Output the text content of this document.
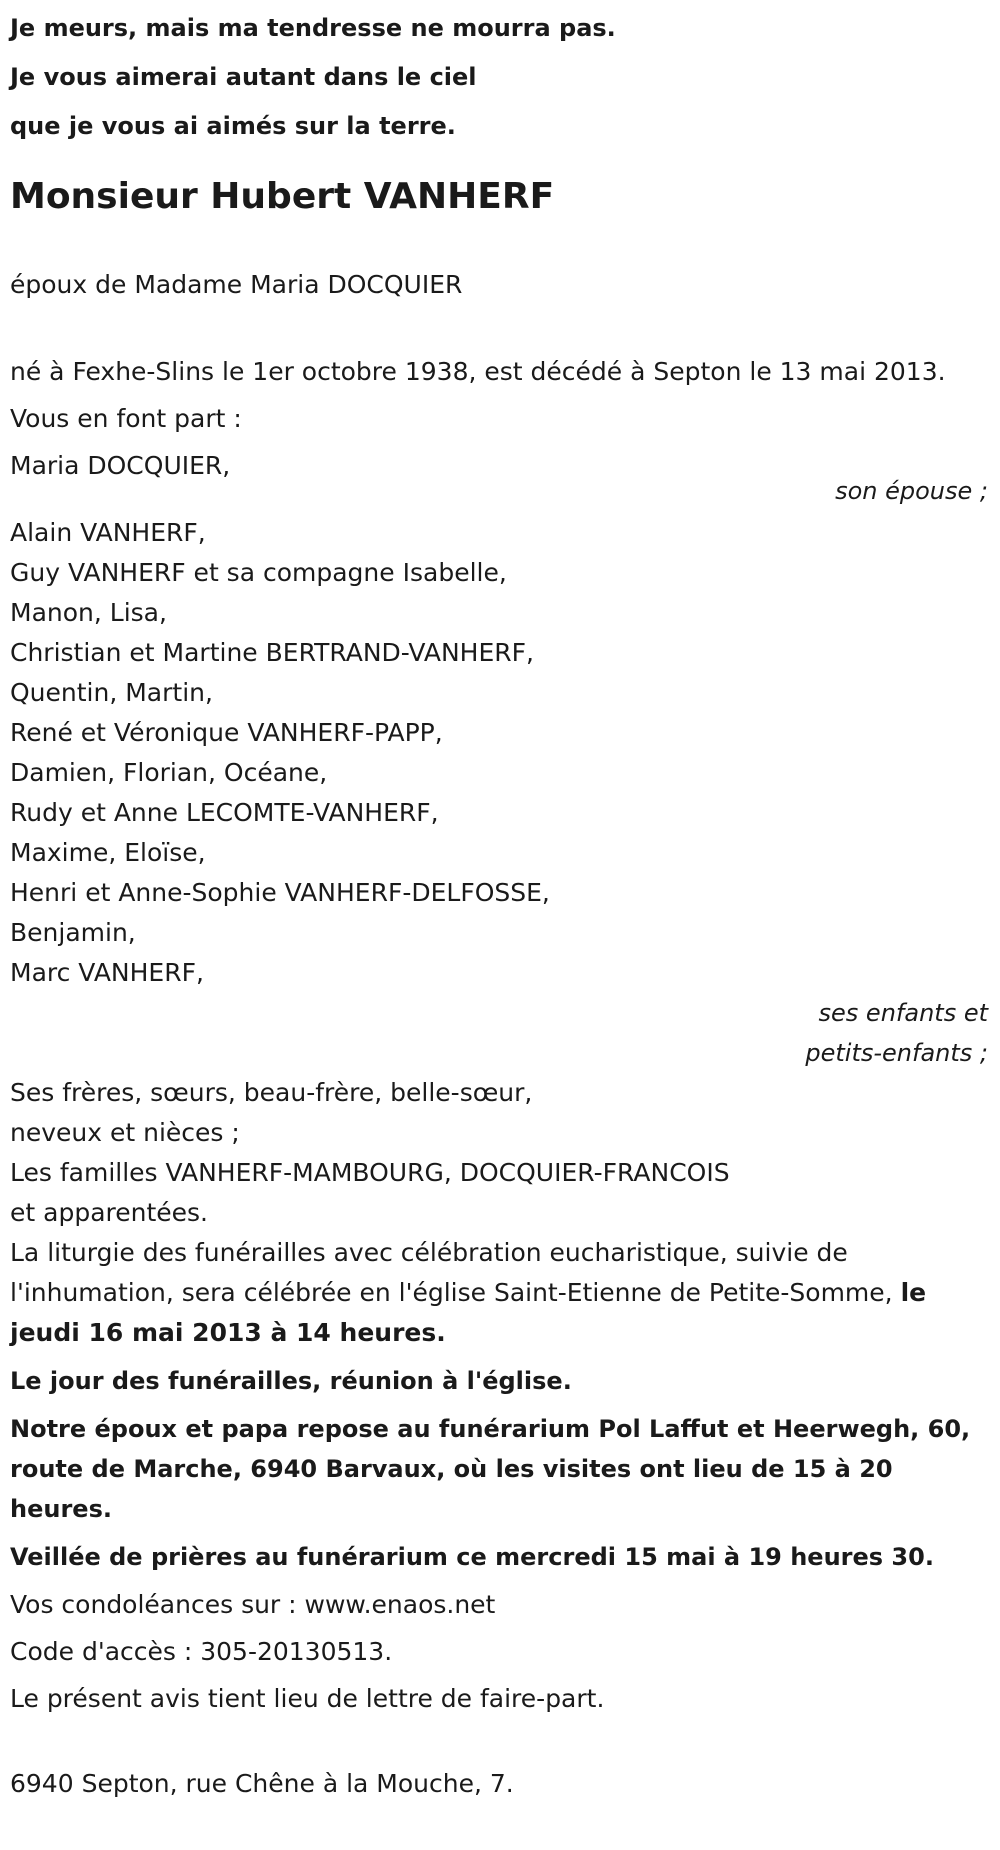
Je meurs, mais ma tendresse ne mourra pas.

Je vous aimerai autant dans le ciel

que je vous ai aimés sur la terre.

Monsieur Hubert VANHERF

époux de Madame Maria DOCQUIER

né à Fexhe-Slins le 1er octobre 1938, est décédé à Septon le 13 mai 2013.

Vous en font part :

Maria DOCQUIER,

son épouse ;

Alain VANHERF,

Guy VANHERF et sa compagne Isabelle,

Manon, Lisa,

Christian et Martine BERTRAND-VANHERF,

Quentin, Martin,

René et Véronique VANHERF-PAPP,

Damien, Florian, Océane,

Rudy et Anne LECOMTE-VANHERF,

Maxime, Eloïse,

Henri et Anne-Sophie VANHERF-DELFOSSE,

Benjamin,

Marc VANHERF,

ses enfants et

petits-enfants ;

Ses frères, sœurs, beau-frère, belle-sœur,

neveux et nièces ;

Les familles VANHERF-MAMBOURG, DOCQUIER-FRANCOIS

et apparentées.

La liturgie des funérailles avec célébration eucharistique, suivie de l'inhumation, sera célébrée en l'église Saint-Etienne de Petite-Somme, le jeudi 16 mai 2013 à 14 heures.

Le jour des funérailles, réunion à l'église.

Notre époux et papa repose au funérarium Pol Laffut et Heerwegh, 60, route de Marche, 6940 Barvaux, où les visites ont lieu de 15 à 20 heures.

Veillée de prières au funérarium ce mercredi 15 mai à 19 heures 30.

Vos condoléances sur : www.enaos.net

Code d'accès : 305-20130513.

Le présent avis tient lieu de lettre de faire-part.

6940 Septon, rue Chêne à la Mouche, 7.
